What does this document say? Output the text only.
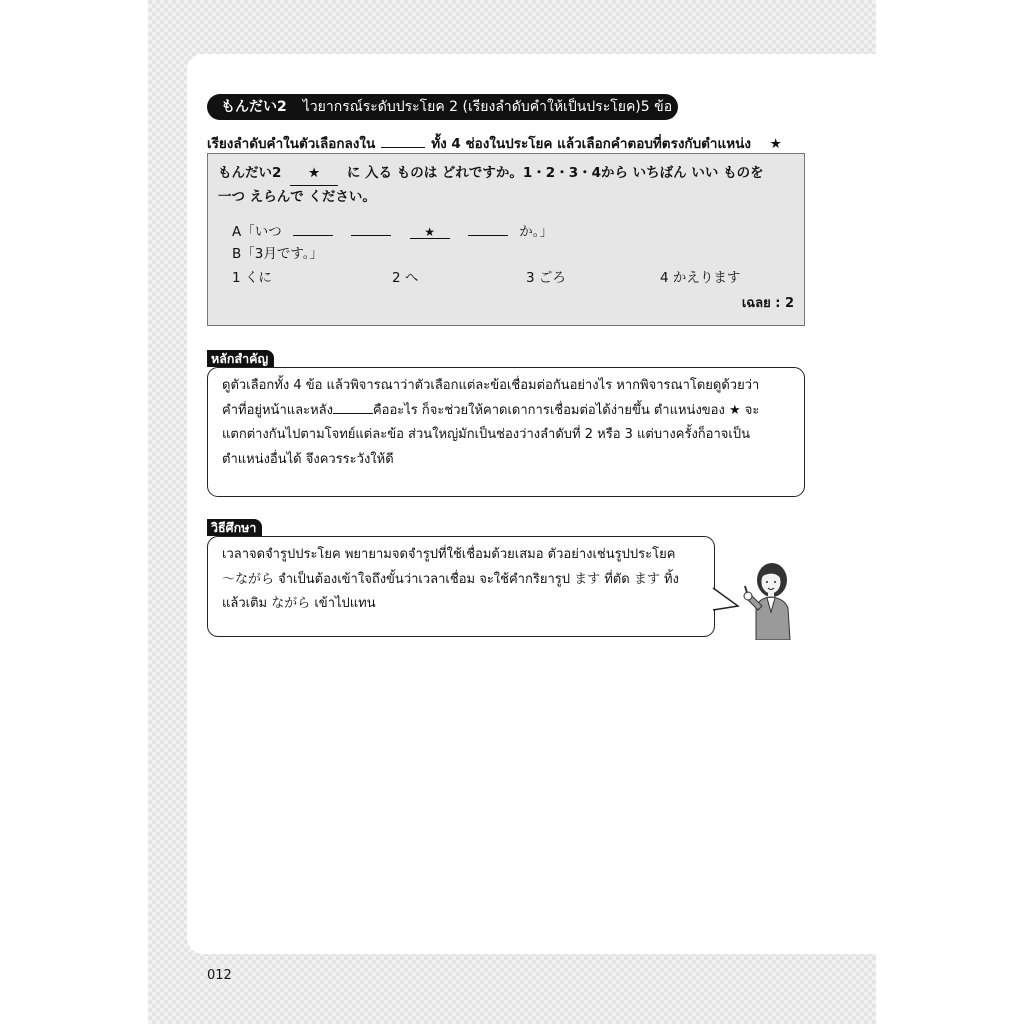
もんだい2	ไวยากรณ์ระดับประโยค 2 (เรียงลำดับคำให้เป็นประโยค) 5 ข้อ
เรียงลำดับคำในตัวเลือกลงใน	ทั้ง 4 ช่องในประโยค แล้วเลือกคำตอบที่ตรงกับตำแหน่ง ★
もんだい2 ★ に 入る ものは どれですか。1・2・3・4から いちばん いい ものを
一つ えらんで ください。
A「いつ	★	か。」
B「3月です。」
1 くに	2 へ	3 ごろ	4 かえります
เฉลย : 2
หลักสำคัญ
ดูตัวเลือกทั้ง 4 ข้อ แล้วพิจารณาว่าตัวเลือกแต่ละข้อเชื่อมต่อกันอย่างไร หากพิจารณาโดยดูด้วยว่า
คำที่อยู่หน้าและหลัง	คืออะไร ก็จะช่วยให้คาดเดาการเชื่อมต่อได้ง่ายขึ้น ตำแหน่งของ ★ จะ
แตกต่างกันไปตามโจทย์แต่ละข้อ ส่วนใหญ่มักเป็นช่องว่างลำดับที่ 2 หรือ 3 แต่บางครั้งก็อาจเป็น
ตำแหน่งอื่นได้ จึงควรระวังให้ดี
วิธีศึกษา
เวลาจดจำรูปประโยค พยายามจดจำรูปที่ใช้เชื่อมด้วยเสมอ ตัวอย่างเช่นรูปประโยค
～ながら จำเป็นต้องเข้าใจถึงขั้นว่าเวลาเชื่อม จะใช้คำกริยารูป ます ที่ตัด ます ทิ้ง
แล้วเติม ながら เข้าไปแทน
012
